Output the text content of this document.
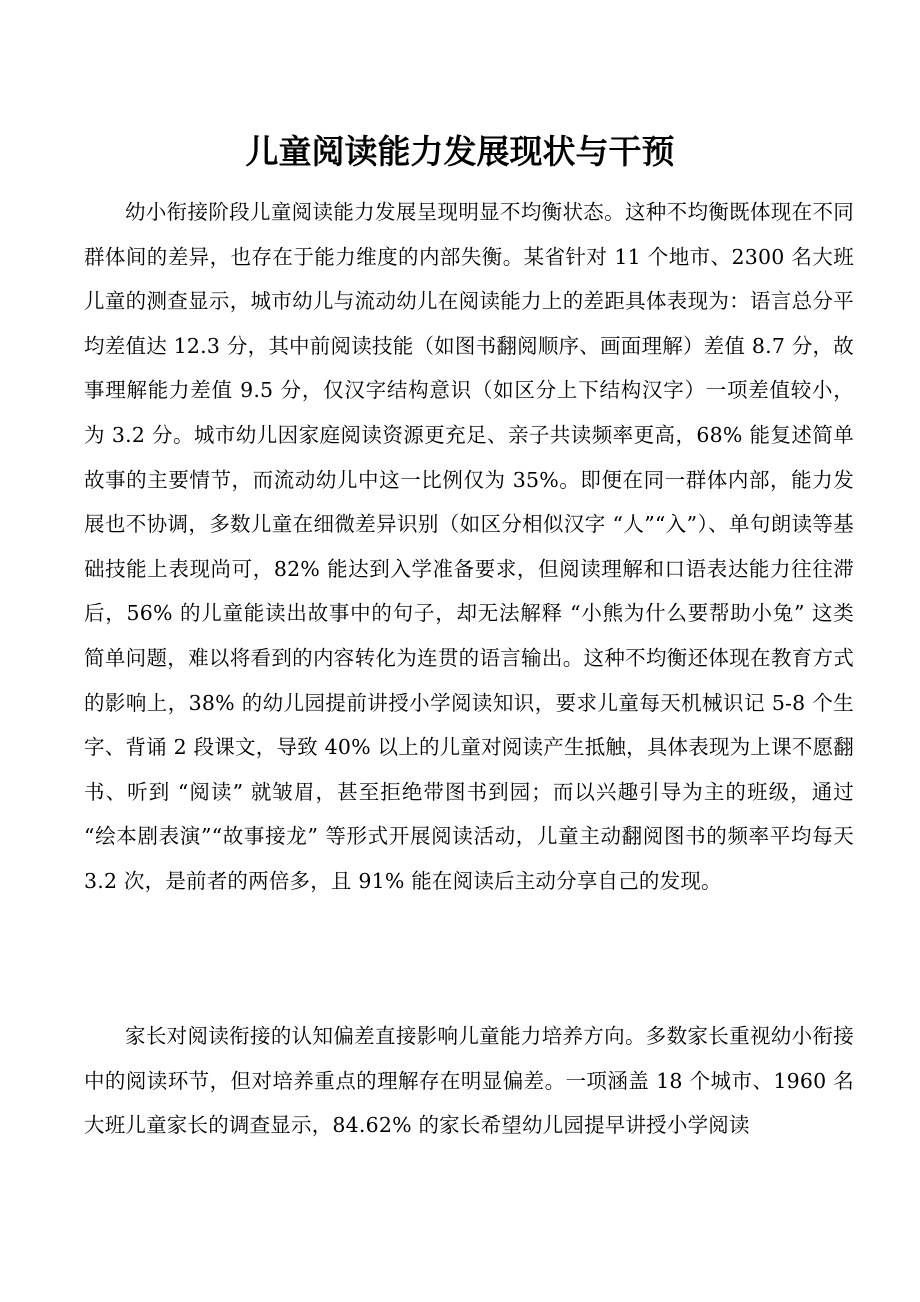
儿童阅读能力发展现状与干预

幼小衔接阶段儿童阅读能力发展呈现明显不均衡状态。这种不均衡既体现在不同群体间的差异，也存在于能力维度的内部失衡。某省针对 11 个地市、2300 名大班儿童的测查显示，城市幼儿与流动幼儿在阅读能力上的差距具体表现为：语言总分平均差值达 12.3 分，其中前阅读技能（如图书翻阅顺序、画面理解）差值 8.7 分，故事理解能力差值 9.5 分，仅汉字结构意识（如区分上下结构汉字）一项差值较小，为 3.2 分。城市幼儿因家庭阅读资源更充足、亲子共读频率更高，68% 能复述简单故事的主要情节，而流动幼儿中这一比例仅为 35%。即便在同一群体内部，能力发展也不协调，多数儿童在细微差异识别（如区分相似汉字 “人”“入”）、单句朗读等基础技能上表现尚可，82% 能达到入学准备要求，但阅读理解和口语表达能力往往滞后，56% 的儿童能读出故事中的句子，却无法解释 “小熊为什么要帮助小兔” 这类简单问题，难以将看到的内容转化为连贯的语言输出。这种不均衡还体现在教育方式的影响上，38% 的幼儿园提前讲授小学阅读知识，要求儿童每天机械识记 5-8 个生字、背诵 2 段课文，导致 40% 以上的儿童对阅读产生抵触，具体表现为上课不愿翻书、听到 “阅读” 就皱眉，甚至拒绝带图书到园；而以兴趣引导为主的班级，通过 “绘本剧表演”“故事接龙” 等形式开展阅读活动，儿童主动翻阅图书的频率平均每天 3.2 次，是前者的两倍多，且 91% 能在阅读后主动分享自己的发现。

家长对阅读衔接的认知偏差直接影响儿童能力培养方向。多数家长重视幼小衔接中的阅读环节，但对培养重点的理解存在明显偏差。一项涵盖 18 个城市、1960 名大班儿童家长的调查显示，84.62% 的家长希望幼儿园提早讲授小学阅读
